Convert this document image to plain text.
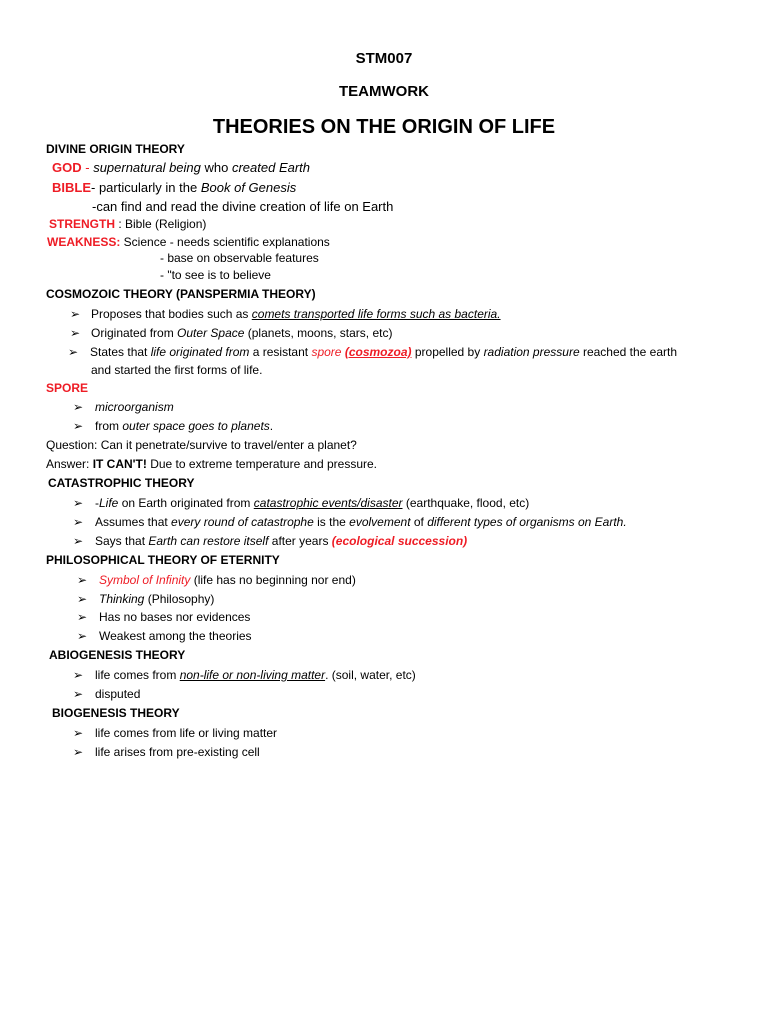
STM007
TEAMWORK
THEORIES ON THE ORIGIN OF LIFE
DIVINE ORIGIN THEORY
GOD - supernatural being who created Earth
BIBLE- particularly in the Book of Genesis
-can find and read the divine creation of life on Earth
STRENGTH : Bible (Religion)
WEAKNESS: Science - needs scientific explanations
- base on observable features
- "to see is to believe
COSMOZOIC THEORY (PANSPERMIA THEORY)
➢
Proposes that bodies such as comets transported life forms such as bacteria.
➢
Originated from Outer Space (planets, moons, stars, etc)
➢
States that life originated from a resistant spore (cosmozoa) propelled by radiation pressure reached the earth
and started the first forms of life.
SPORE
➢
microorganism
➢
from outer space goes to planets.
Question: Can it penetrate/survive to travel/enter a planet?
Answer: IT CAN'T! Due to extreme temperature and pressure.
CATASTROPHIC THEORY
➢
-Life on Earth originated from catastrophic events/disaster (earthquake, flood, etc)
➢
Assumes that every round of catastrophe is the evolvement of different types of organisms on Earth.
➢
Says that Earth can restore itself after years (ecological succession)
PHILOSOPHICAL THEORY OF ETERNITY
➢
Symbol of Infinity (life has no beginning nor end)
➢
Thinking (Philosophy)
➢
Has no bases nor evidences
➢
Weakest among the theories
ABIOGENESIS THEORY
➢
life comes from non-life or non-living matter. (soil, water, etc)
➢
disputed
BIOGENESIS THEORY
➢
life comes from life or living matter
➢
life arises from pre-existing cell
